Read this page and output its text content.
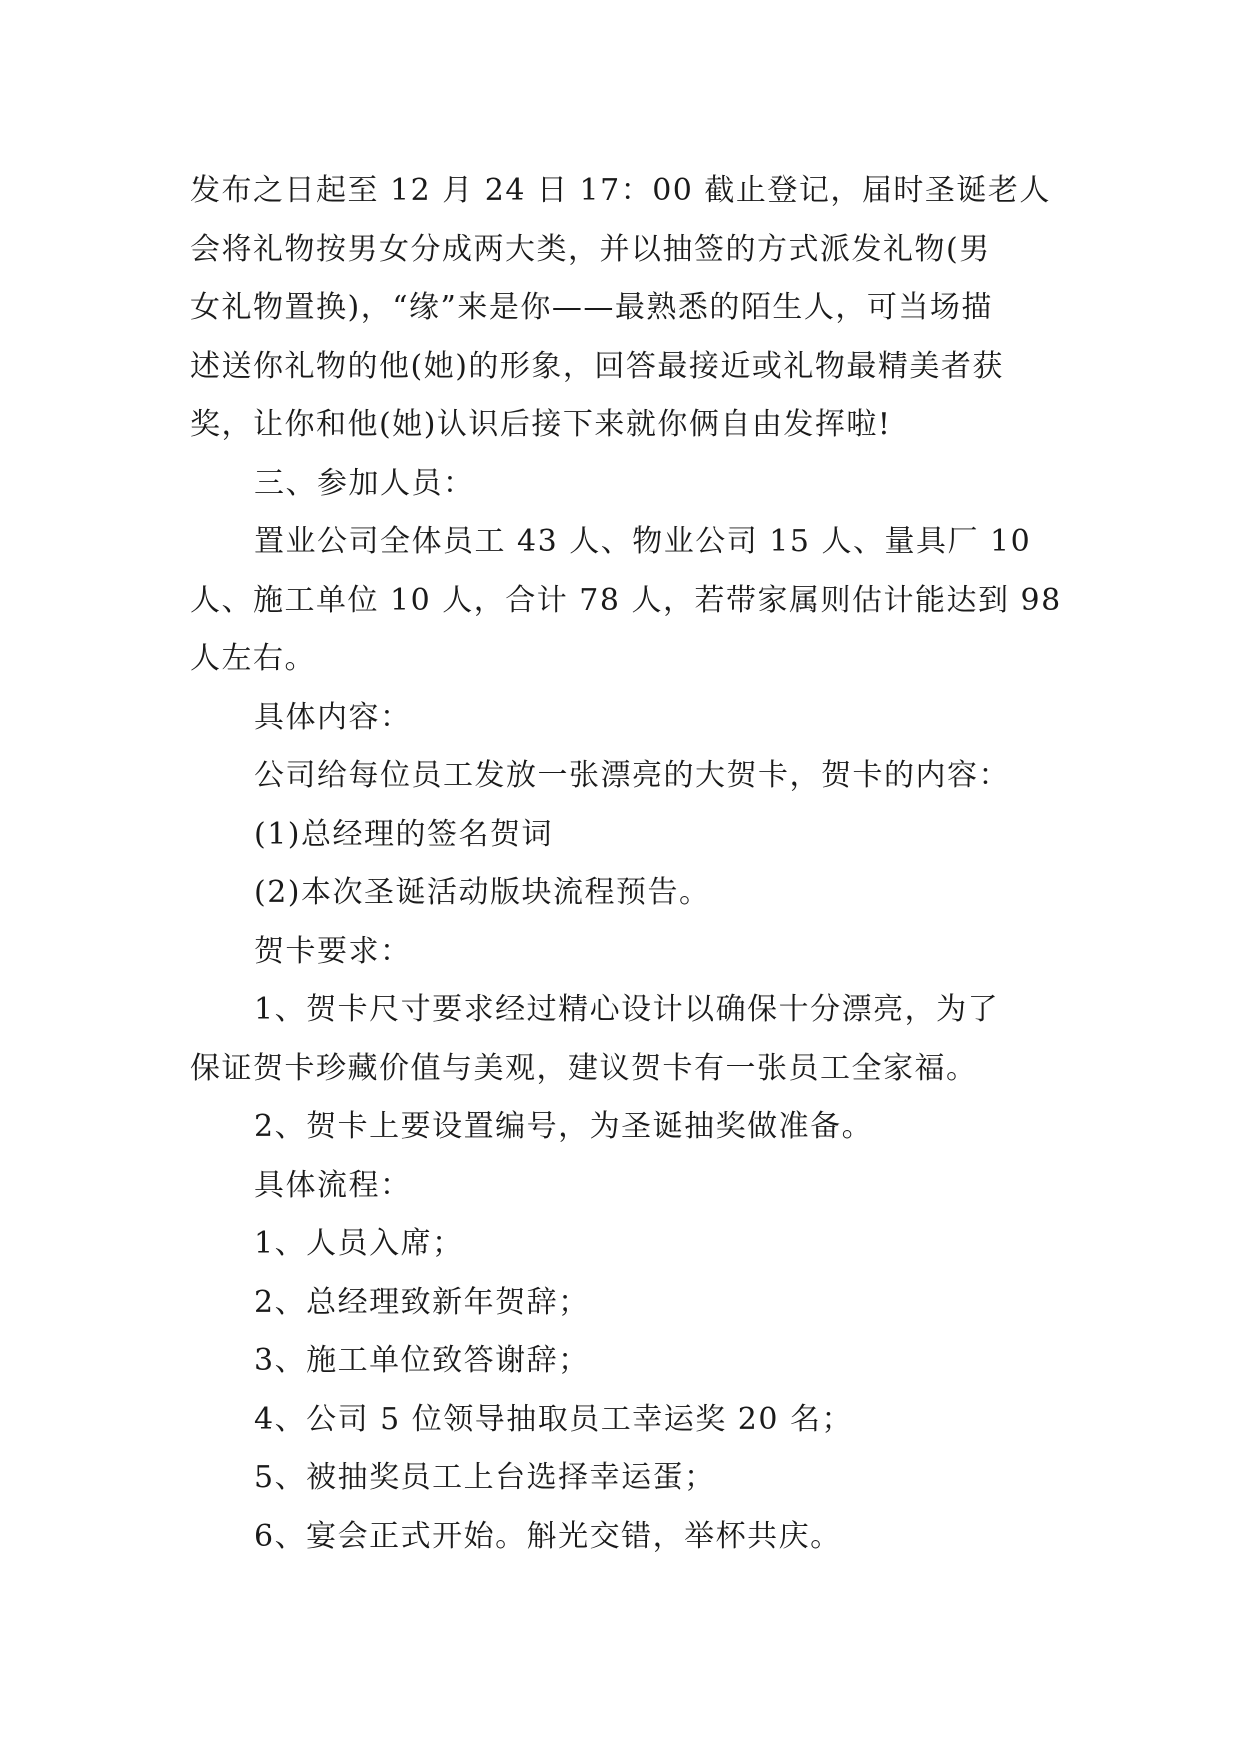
发布之日起至 12 月 24 日 17：00 截止登记，届时圣诞老人

会将礼物按男女分成两大类，并以抽签的方式派发礼物(男

女礼物置换)，“缘”来是你——最熟悉的陌生人，可当场描

述送你礼物的他(她)的形象，回答最接近或礼物最精美者获

奖，让你和他(她)认识后接下来就你俩自由发挥啦!

三、参加人员：

置业公司全体员工 43 人、物业公司 15 人、量具厂 10

人、施工单位 10 人，合计 78 人，若带家属则估计能达到 98

人左右。

具体内容：

公司给每位员工发放一张漂亮的大贺卡，贺卡的内容：

(1)总经理的签名贺词

(2)本次圣诞活动版块流程预告。

贺卡要求：

1、贺卡尺寸要求经过精心设计以确保十分漂亮，为了

保证贺卡珍藏价值与美观，建议贺卡有一张员工全家福。

2、贺卡上要设置编号，为圣诞抽奖做准备。

具体流程：

1、人员入席；

2、总经理致新年贺辞；

3、施工单位致答谢辞；

4、公司 5 位领导抽取员工幸运奖 20 名；

5、被抽奖员工上台选择幸运蛋；

6、宴会正式开始。斛光交错，举杯共庆。
